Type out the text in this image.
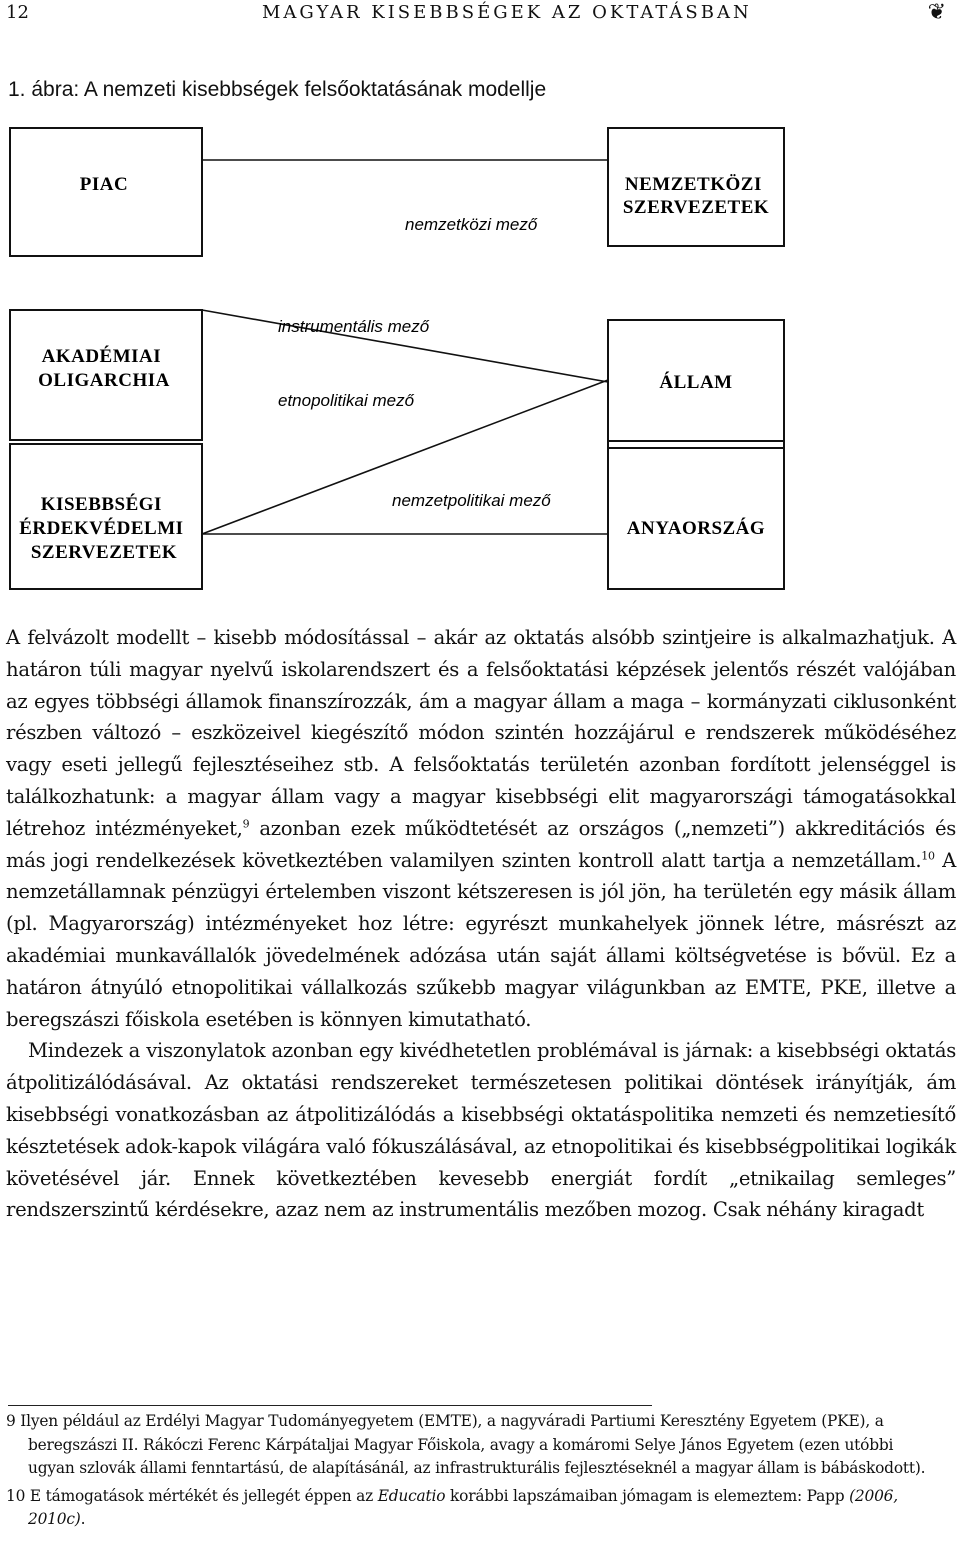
12	MAGYAR KISEBBSÉGEK AZ OKTATÁSBAN	❦
1. ábra: A nemzeti kisebbségek felsőoktatásának modellje
PIAC	NEMZETKÖZI SZERVEZETEK
AKADÉMIAI OLIGARCHIA	ÁLLAM
KISEBBSÉGI ÉRDEKVÉDELMI SZERVEZETEK
ANYAORSZÁG
nemzetközi mező
instrumentális mező
etnopolitikai mező
nemzetpolitikai mező

A felvázolt modellt – kisebb módosítással – akár az oktatás alsóbb szintjeire is alkalmazhatjuk. A határon túli magyar nyelvű iskolarendszert és a felsőoktatási képzések jelentős részét valójában az egyes többségi államok finanszírozzák, ám a magyar állam a maga – kormányzati ciklusonként részben változó – eszközeivel kiegészítő módon szintén hozzájárul e rendszerek működéséhez vagy eseti jellegű fejlesztéseihez stb. A felsőoktatás területén azonban fordított jelenséggel is találkozhatunk: a magyar állam vagy a magyar kisebbségi elit magyarországi támogatásokkal létrehoz intézményeket,$^9$ azonban ezek működtetését az országos („nemzeti”) akkreditációs és más jogi rendelkezések következtében valamilyen szinten kontroll alatt tartja a nemzetállam.$^{10}$ A nemzetállamnak pénzügyi értelemben viszont kétszeresen is jól jön, ha területén egy másik állam (pl. Magyarország) intézményeket hoz létre: egyrészt munkahelyek jönnek létre, másrészt az akadémiai munkavállalók jövedelmének adózása után saját állami költségvetése is bővül. Ez a határon átnyúló etnopolitikai vállalkozás szűkebb magyar világunkban az EMTE, PKE, illetve a beregszászi főiskola esetében is könnyen kimutatható.

Mindezek a viszonylatok azonban egy kivédhetetlen problémával is járnak: a kisebbségi oktatás átpolitizálódásával. Az oktatási rendszereket természetesen politikai döntések irányítják, ám kisebbségi vonatkozásban az átpolitizálódás a kisebbségi oktatáspolitika nemzeti és nemzetiesítő késztetések adok-kapok világára való fókuszálásával, az etnopolitikai és kisebbségpolitikai logikák követésével jár. Ennek következtében kevesebb energiát fordít „etnikailag semleges” rendszerszintű kérdésekre, azaz nem az instrumentális mezőben mozog. Csak néhány kiragadt

9 Ilyen például az Erdélyi Magyar Tudományegyetem (EMTE), a nagyváradi Partiumi Keresztény Egyetem (PKE), a beregszászi II. Rákóczi Ferenc Kárpátaljai Magyar Főiskola, avagy a komáromi Selye János Egyetem (ezen utóbbi ugyan szlovák állami fenntartású, de alapításánál, az infrastrukturális fejlesztéseknél a magyar állam is bábáskodott).

10 E támogatások mértékét és jellegét éppen az Educatio korábbi lapszámaiban jómagam is elemeztem: Papp (2006, 2010c).
